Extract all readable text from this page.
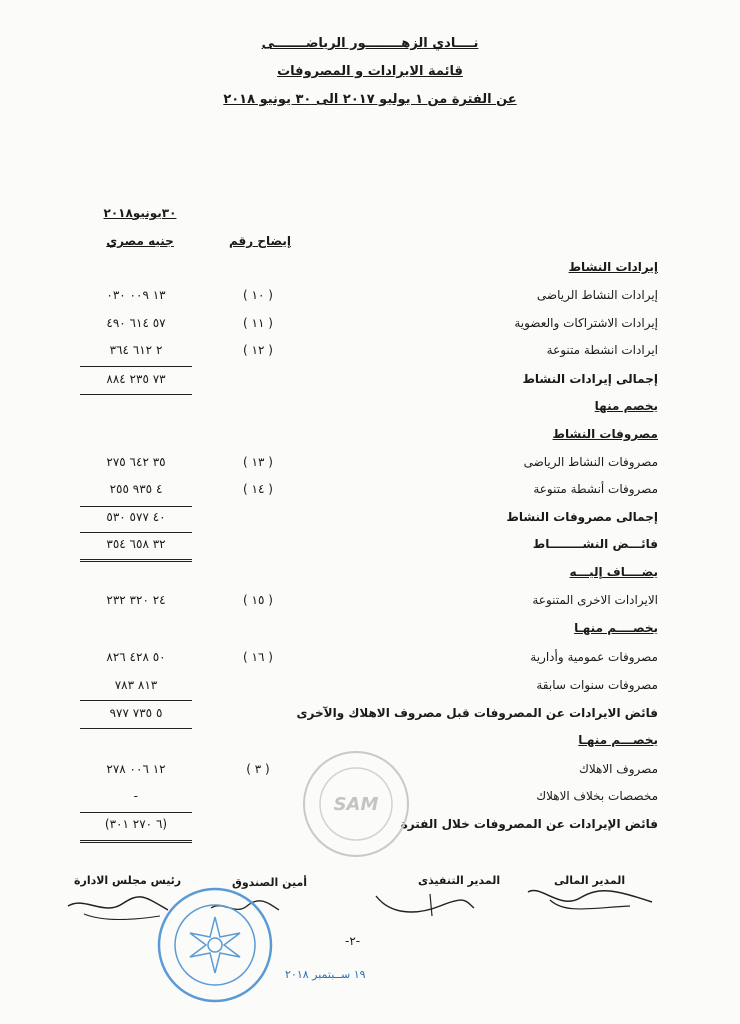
نــــادي الزهــــــــور الرياضـــــــى
قائمة الايرادات و المصروفات
عن الفترة من ١ يوليو ٢٠١٧ الى ٣٠ يونيو ٢٠١٨
٣٠يونيو٢٠١٨
جنيه مصري	إيضاح رقم
إيرادات النشاط
إيرادات النشاط الرياضى
( ١٠ )
١٣ ٠٠٩ ٠٣٠
إيرادات الاشتراكات والعضوية
( ١١ )
٥٧ ٦١٤ ٤٩٠
ايرادات انشطة متنوعة
( ١٢ )
٢ ٦١٢ ٣٦٤
إجمالى إيرادات النشاط
٧٣ ٢٣٥ ٨٨٤
يخصم منها
مصروفات النشاط
مصروفات النشاط الرياضى
( ١٣ )
٣٥ ٦٤٢ ٢٧٥
مصروفات أنشطة متنوعة
( ١٤ )
٤ ٩٣٥ ٢٥٥
إجمالى مصروفات النشاط
٤٠ ٥٧٧ ٥٣٠
فائـــض النشــــــــاط
٣٢ ٦٥٨ ٣٥٤
يضــــاف إليـــه
الايرادات الاخرى المتنوعة
( ١٥ )
٢٤ ٣٢٠ ٢٣٢
يخصــــم منهـا
مصروفات عمومية وأدارية
( ١٦ )
٥٠ ٤٢٨ ٨٢٦
مصروفات سنوات سابقة
٨١٣ ٧٨٣
فائض الايرادات عن المصروفات قبل مصروف الاهلاك والآخرى
٥ ٧٣٥ ٩٧٧
يخصـــم منهـا
مصروف الاهلاك
( ٣ )
١٢ ٠٠٦ ٢٧٨
مخصصات بخلاف الاهلاك
-
فائض الإيرادات عن المصروفات خلال الفترة
(٦ ٢٧٠ ٣٠١)
SAM
المدير المالى
المدير التنفيذى
أمين الصندوق
رئيس مجلس الادارة
-٢-
١٩ ســبتمبر ٢٠١٨
